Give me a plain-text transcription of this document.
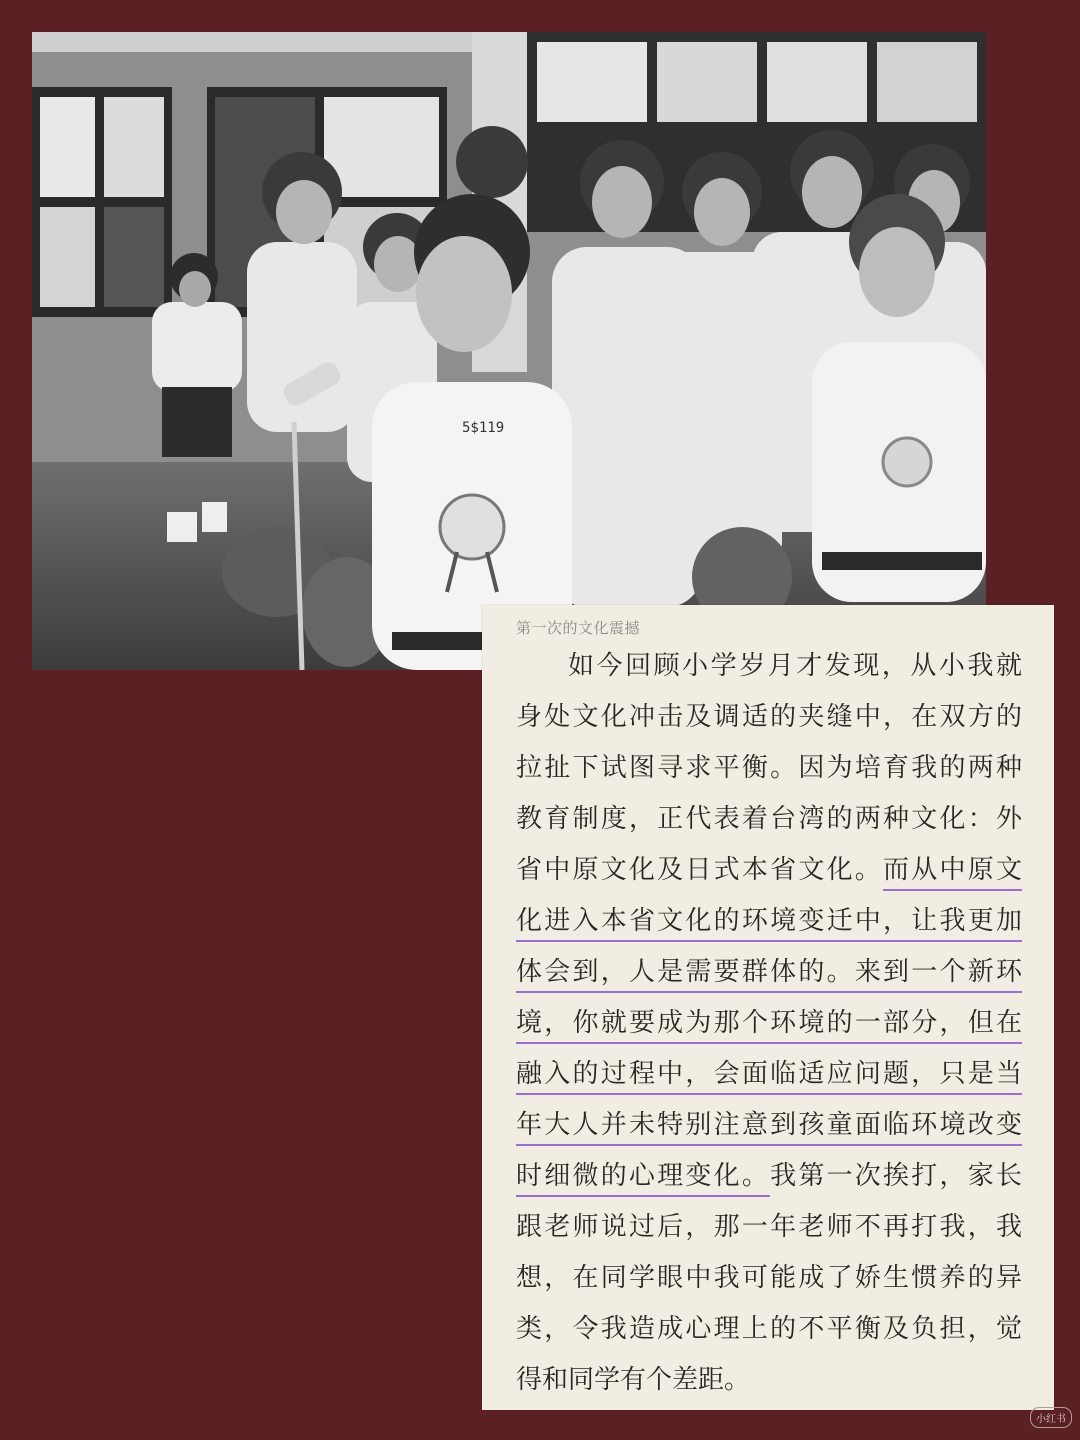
5$119
第一次的文化震撼
如今回顾小学岁月才发现，从小我就
身处文化冲击及调适的夹缝中，在双方的
拉扯下试图寻求平衡。因为培育我的两种
教育制度，正代表着台湾的两种文化：外
省中原文化及日式本省文化。而从中原文
化进入本省文化的环境变迁中，让我更加
体会到，人是需要群体的。来到一个新环
境，你就要成为那个环境的一部分，但在
融入的过程中，会面临适应问题，只是当
年大人并未特别注意到孩童面临环境改变
时细微的心理变化。我第一次挨打，家长
跟老师说过后，那一年老师不再打我，我
想，在同学眼中我可能成了娇生惯养的异
类，令我造成心理上的不平衡及负担，觉
得和同学有个差距。
小红书
